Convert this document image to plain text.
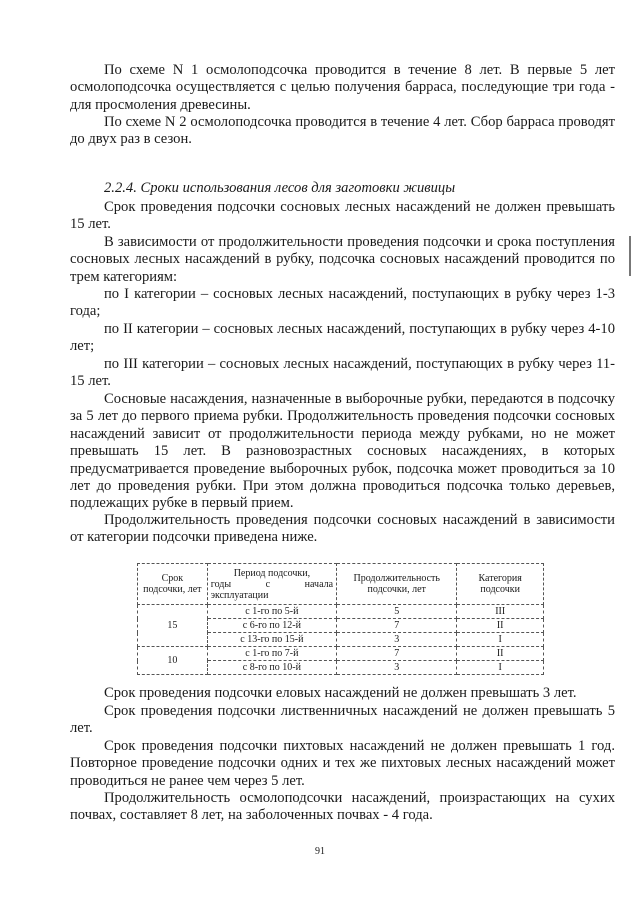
По схеме N 1 осмолоподсочка проводится в течение 8 лет. В первые 5 лет осмолоподсочка осуществляется с целью получения барраса, последующие три года - для просмоления древесины.

По схеме N 2 осмолоподсочка проводится в течение 4 лет. Сбор барраса проводят до двух раз в сезон.

2.2.4. Сроки использования лесов для заготовки живицы

Срок проведения подсочки сосновых лесных насаждений не должен превышать 15 лет.

В зависимости от продолжительности проведения подсочки и срока поступления сосновых лесных насаждений в рубку, подсочка сосновых насаждений проводится по трем категориям:

по I категории – сосновых лесных насаждений, поступающих в рубку через 1-3 года;

по II категории – сосновых лесных насаждений, поступающих в рубку через 4-10 лет;

по III категории – сосновых лесных насаждений, поступающих в рубку через 11-15 лет.

Сосновые насаждения, назначенные в выборочные рубки, передаются в подсочку за 5 лет до первого приема рубки. Продолжительность проведения подсочки сосновых насаждений зависит от продолжительности периода между рубками, но не может превышать 15 лет. В разновозрастных сосновых насаждениях, в которых предусматривается проведение выборочных рубок, подсочка может проводиться за 10 лет до проведения рубки. При этом должна проводиться подсочка только деревьев, подлежащих рубке в первый прием.

Продолжительность проведения подсочки сосновых насаждений в зависимости от категории подсочки приведена ниже.

Срок подсочки, лет	Период подсочки,
годы с начала
эксплуатации	Продолжительность подсочки, лет	Категория подсочки
15	с 1-го по 5-й	5	III
	с 6-го по 12-й	7	II
	с 13-го по 15-й	3	I
10	с 1-го по 7-й	7	II
	с 8-го по 10-й	3	I

Срок проведения подсочки еловых насаждений не должен превышать 3 лет.

Срок проведения подсочки лиственничных насаждений не должен превышать 5 лет.

Срок проведения подсочки пихтовых насаждений не должен превышать 1 год. Повторное проведение подсочки одних и тех же пихтовых лесных насаждений может проводиться не ранее чем через 5 лет.

Продолжительность осмолоподсочки насаждений, произрастающих на сухих почвах, составляет 8 лет, на заболоченных почвах - 4 года.

91
